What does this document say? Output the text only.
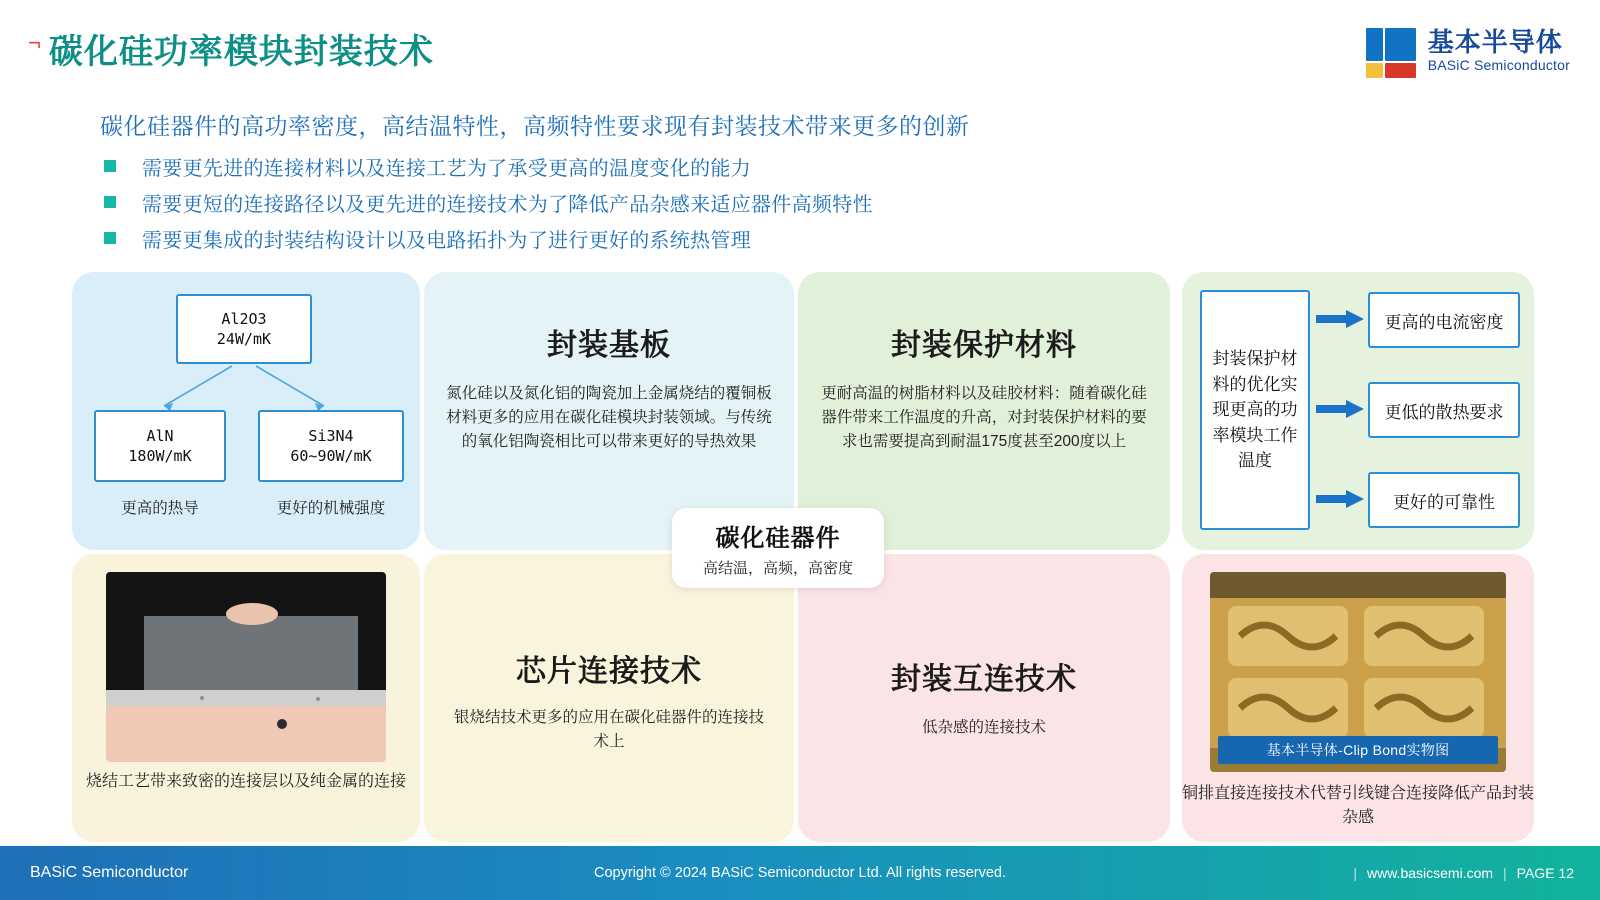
⌐ 碳化硅功率模块封装技术	基本半导体
BASiC Semiconductor
碳化硅器件的高功率密度，高结温特性，高频特性要求现有封装技术带来更多的创新
需要更先进的连接材料以及连接工艺为了承受更高的温度变化的能力
需要更短的连接路径以及更先进的连接技术为了降低产品杂感来适应器件高频特性
需要更集成的封装结构设计以及电路拓扑为了进行更好的系统热管理
Al2O3
24W/mK
AlN
180W/mK
Si3N4
60~90W/mK
更高的热导	更好的机械强度
烧结工艺带来致密的连接层以及纯金属的连接
封装基板
氮化硅以及氮化铝的陶瓷加上金属烧结的覆铜板材料更多的应用在碳化硅模块封装领域。与传统的氧化铝陶瓷相比可以带来更好的导热效果
封装保护材料
更耐高温的树脂材料以及硅胶材料：随着碳化硅器件带来工作温度的升高，对封装保护材料的要求也需要提高到耐温175度甚至200度以上
芯片连接技术
银烧结技术更多的应用在碳化硅器件的连接技术上
封装互连技术
低杂感的连接技术
碳化硅器件
高结温，高频，高密度
封装保护材料的优化实现更高的功率模块工作温度
更高的电流密度
更低的散热要求
更好的可靠性
基本半导体-Clip Bond实物图
铜排直接连接技术代替引线键合连接降低产品封装杂感
BASiC Semiconductor	Copyright © 2024 BASiC Semiconductor Ltd. All rights reserved.	| www.basicsemi.com | PAGE 12
